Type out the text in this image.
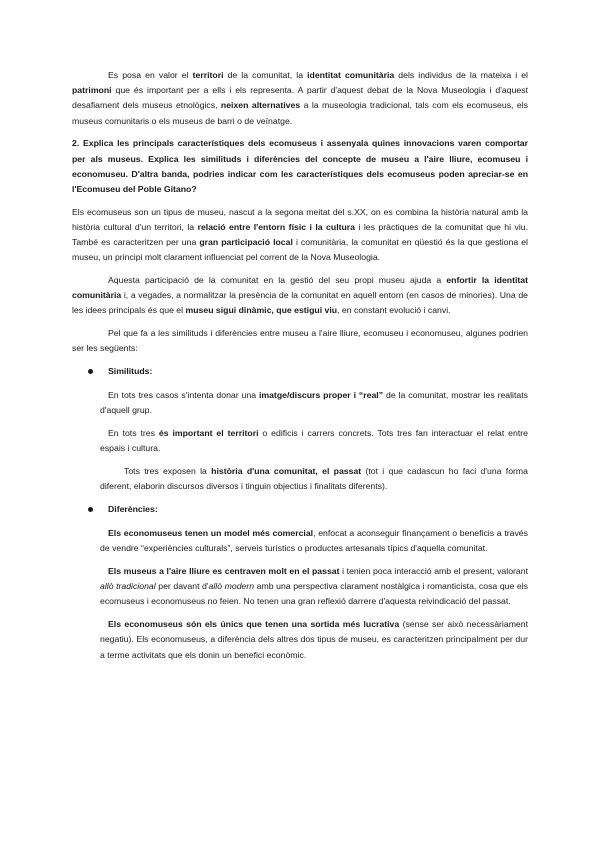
Es posa en valor el territori de la comunitat, la identitat comunitària dels individus de la mateixa i el patrimoni que és important per a ells i els representa. A partir d'aquest debat de la Nova Museologia i d'aquest desafiament dels museus etnològics, neixen alternatives a la museologia tradicional, tals com els ecomuseus, els museus comunitaris o els museus de barri o de veïnatge.

2. Explica les principals característiques dels ecomuseus i assenyala quines innovacions varen comportar per als museus. Explica les similituds i diferències del concepte de museu a l'aire lliure, ecomuseu i economuseu. D'altra banda, podries indicar com les característiques dels ecomuseus poden apreciar-se en l'Ecomuseu del Poble Gitano?

Els ecomuseus son un tipus de museu, nascut a la segona meitat del s.XX, on es combina la història natural amb la història cultural d'un territori, la relació entre l'entorn físic i la cultura i les pràctiques de la comunitat que hi viu. També es caracteritzen per una gran participació local i comunitària, la comunitat en qüestió és la que gestiona el museu, un principi molt clarament influenciat pel corrent de la Nova Museologia.

Aquesta participació de la comunitat en la gestió del seu propi museu ajuda a enfortir la identitat comunitària i, a vegades, a normalitzar la presència de la comunitat en aquell entorn (en casos de minories). Una de les idees principals és que el museu sigui dinàmic, que estigui viu, en constant evolució i canvi.

Pel que fa a les similituds i diferències entre museu a l'aire lliure, ecomuseu i economuseu, algunes podrien ser les següents:

Similituds:

En tots tres casos s'intenta donar una imatge/discurs proper i “real” de la comunitat, mostrar les realitats d'aquell grup.

En tots tres és important el territori o edificis i carrers concrets. Tots tres fan interactuar el relat entre espais i cultura.

Tots tres exposen la història d'una comunitat, el passat (tot i que cadascun ho faci d'una forma diferent, elaborin discursos diversos i tinguin objectius i finalitats diferents).

Diferències:

Els economuseus tenen un model més comercial, enfocat a aconseguir finançament o beneficis a través de vendre “experiències culturals”, serveis turístics o productes artesanals típics d'aquella comunitat.

Els museus a l'aire lliure es centraven molt en el passat i tenien poca interacció amb el present, valorant allò tradicional per davant d'allò modern amb una perspectiva clarament nostàlgica i romanticista, cosa que els ecomuseus i economuseus no feien. No tenen una gran reflexió darrere d'aquesta reivindicació del passat.

Els economuseus són els únics que tenen una sortida més lucrativa (sense ser això necessàriament negatiu). Els economuseus, a diferència dels altres dos tipus de museu, es caracteritzen principalment per dur a terme activitats que els donin un benefici econòmic.
